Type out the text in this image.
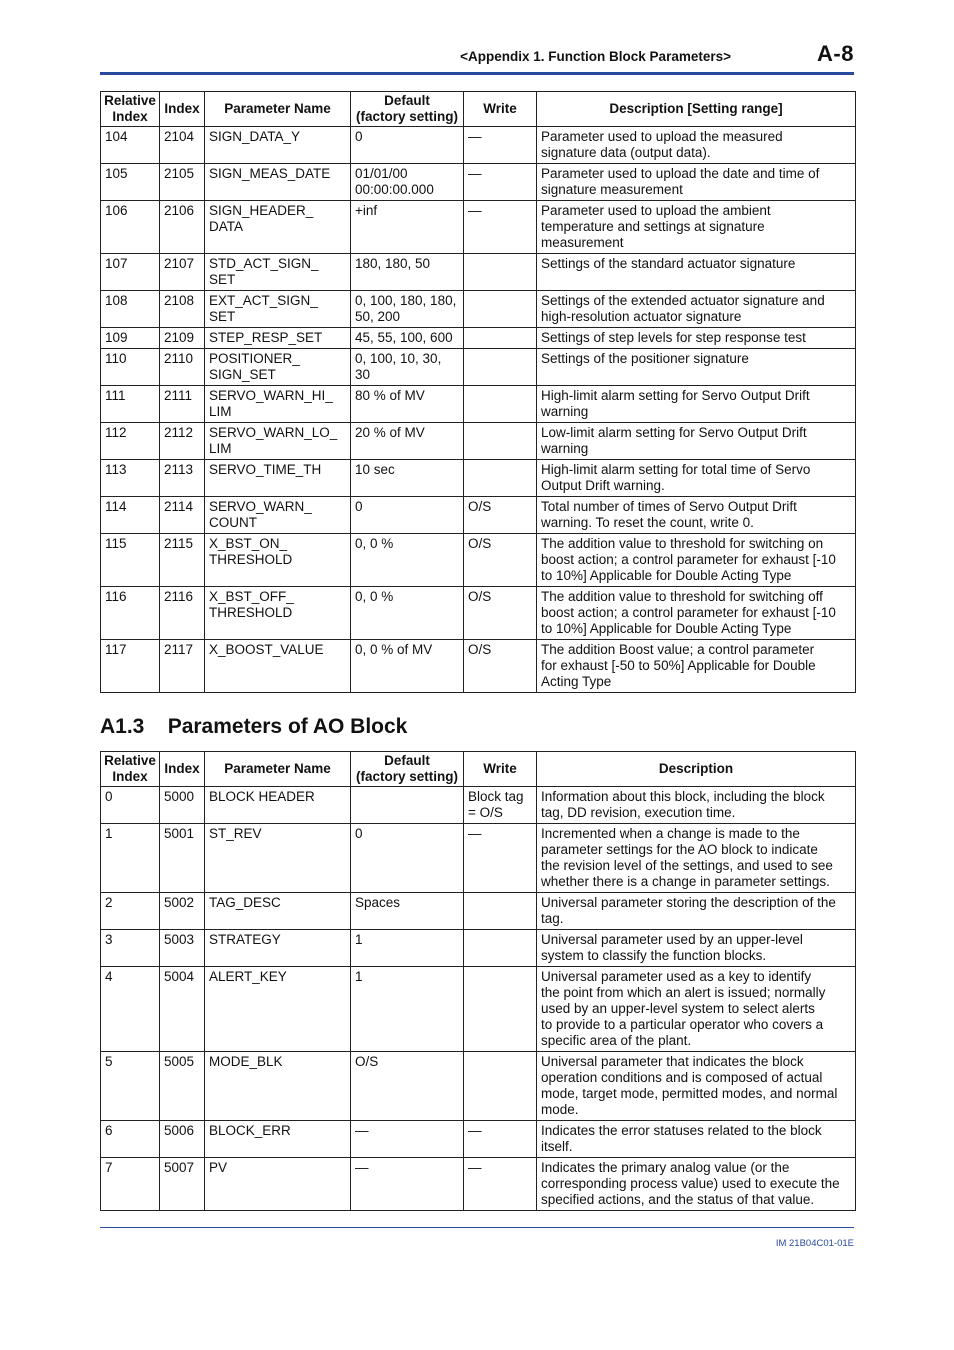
<Appendix 1. Function Block Parameters>	A-8
Relative
Index	Index	Parameter Name	Default
(factory setting)	Write	Description [Setting range]
104	2104	SIGN_DATA_Y	0	—	Parameter used to upload the measured
signature data (output data).
105	2105	SIGN_MEAS_DATE	01/01/00
00:00:00.000	—	Parameter used to upload the date and time of
signature measurement
106	2106	SIGN_HEADER_
DATA	+inf	—	Parameter used to upload the ambient
temperature and settings at signature
measurement
107	2107	STD_ACT_SIGN_
SET	180, 180, 50		Settings of the standard actuator signature
108	2108	EXT_ACT_SIGN_
SET	0, 100, 180, 180,
50, 200		Settings of the extended actuator signature and
high-resolution actuator signature
109	2109	STEP_RESP_SET	45, 55, 100, 600		Settings of step levels for step response test
110	2110	POSITIONER_
SIGN_SET	0, 100, 10, 30,
30		Settings of the positioner signature
111	2111	SERVO_WARN_HI_
LIM	80 % of MV		High-limit alarm setting for Servo Output Drift
warning
112	2112	SERVO_WARN_LO_
LIM	20 % of MV		Low-limit alarm setting for Servo Output Drift
warning
113	2113	SERVO_TIME_TH	10 sec		High-limit alarm setting for total time of Servo
Output Drift warning.
114	2114	SERVO_WARN_
COUNT	0	O/S	Total number of times of Servo Output Drift
warning. To reset the count, write 0.
115	2115	X_BST_ON_
THRESHOLD	0, 0 %	O/S	The addition value to threshold for switching on
boost action; a control parameter for exhaust [-10
to 10%] Applicable for Double Acting Type
116	2116	X_BST_OFF_
THRESHOLD	0, 0 %	O/S	The addition value to threshold for switching off
boost action; a control parameter for exhaust [-10
to 10%] Applicable for Double Acting Type
117	2117	X_BOOST_VALUE	0, 0 % of MV	O/S	The addition Boost value; a control parameter
for exhaust [-50 to 50%] Applicable for Double
Acting Type
A1.3 Parameters of AO Block
Relative
Index	Index	Parameter Name	Default
(factory setting)	Write	Description
0	5000	BLOCK HEADER		Block tag
= O/S	Information about this block, including the block
tag, DD revision, execution time.
1	5001	ST_REV	0	—	Incremented when a change is made to the
parameter settings for the AO block to indicate
the revision level of the settings, and used to see
whether there is a change in parameter settings.
2	5002	TAG_DESC	Spaces		Universal parameter storing the description of the
tag.
3	5003	STRATEGY	1		Universal parameter used by an upper-level
system to classify the function blocks.
4	5004	ALERT_KEY	1		Universal parameter used as a key to identify
the point from which an alert is issued; normally
used by an upper-level system to select alerts
to provide to a particular operator who covers a
specific area of the plant.
5	5005	MODE_BLK	O/S		Universal parameter that indicates the block
operation conditions and is composed of actual
mode, target mode, permitted modes, and normal
mode.
6	5006	BLOCK_ERR	—	—	Indicates the error statuses related to the block
itself.
7	5007	PV	—	—	Indicates the primary analog value (or the
corresponding process value) used to execute the
specified actions, and the status of that value.
IM 21B04C01-01E
